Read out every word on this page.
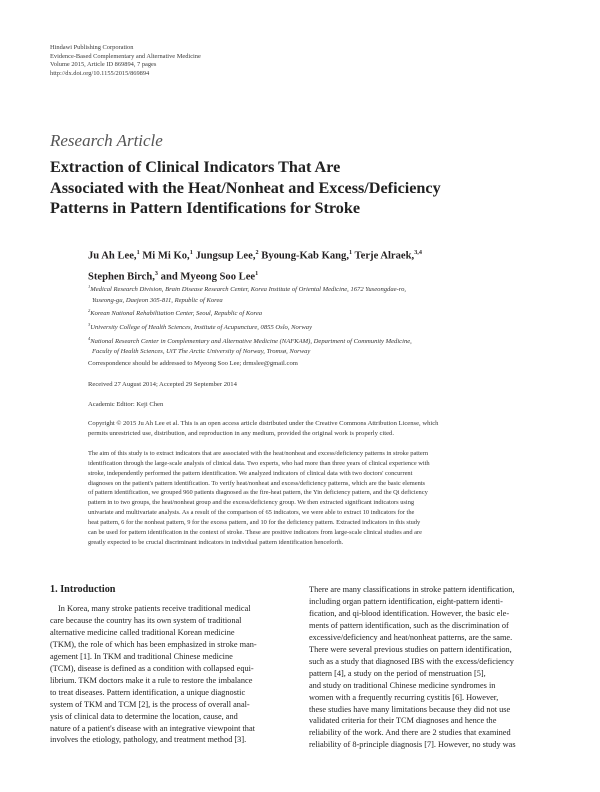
Hindawi Publishing Corporation
Evidence-Based Complementary and Alternative Medicine
Volume 2015, Article ID 869894, 7 pages
http://dx.doi.org/10.1155/2015/869894
Research Article
Extraction of Clinical Indicators That Are
Associated with the Heat/Nonheat and Excess/Deficiency
Patterns in Pattern Identifications for Stroke
Ju Ah Lee,$^1$ Mi Mi Ko,$^1$ Jungsup Lee,$^2$ Byoung-Kab Kang,$^1$ Terje Alraek,$^{3,4}$
Stephen Birch,$^3$ and Myeong Soo Lee$^1$
$^1$Medical Research Division, Brain Disease Research Center, Korea Institute of Oriental Medicine, 1672 Yuseongdae-ro,
Yuseong-gu, Daejeon 305-811, Republic of Korea
$^2$Korean National Rehabilitation Center, Seoul, Republic of Korea
$^3$University College of Health Sciences, Institute of Acupuncture, 0855 Oslo, Norway
$^4$National Research Center in Complementary and Alternative Medicine (NAFKAM), Department of Community Medicine,
Faculty of Health Sciences, UiT The Arctic University of Norway, Tromsø, Norway
Correspondence should be addressed to Myeong Soo Lee; drmslee@gmail.com
Received 27 August 2014; Accepted 29 September 2014
Academic Editor: Keji Chen
Copyright © 2015 Ju Ah Lee et al. This is an open access article distributed under the Creative Commons Attribution License, which
permits unrestricted use, distribution, and reproduction in any medium, provided the original work is properly cited.
The aim of this study is to extract indicators that are associated with the heat/nonheat and excess/deficiency patterns in stroke pattern
identification through the large-scale analysis of clinical data. Two experts, who had more than three years of clinical experience with
stroke, independently performed the pattern identification. We analyzed indicators of clinical data with two doctors' concurrent
diagnoses on the patient's pattern identification. To verify heat/nonheat and excess/deficiency patterns, which are the basic elements
of pattern identification, we grouped 960 patients diagnosed as the fire-heat pattern, the Yin deficiency pattern, and the Qi deficiency
pattern in to two groups, the heat/nonheat group and the excess/deficiency group. We then extracted significant indicators using
univariate and multivariate analysis. As a result of the comparison of 65 indicators, we were able to extract 10 indicators for the
heat pattern, 6 for the nonheat pattern, 9 for the excess pattern, and 10 for the deficiency pattern. Extracted indicators in this study
can be used for pattern identification in the context of stroke. These are positive indicators from large-scale clinical studies and are
greatly expected to be crucial discriminant indicators in individual pattern identification henceforth.
1. Introduction
In Korea, many stroke patients receive traditional medical
care because the country has its own system of traditional
alternative medicine called traditional Korean medicine
(TKM), the role of which has been emphasized in stroke man-
agement [1]. In TKM and traditional Chinese medicine
(TCM), disease is defined as a condition with collapsed equi-
librium. TKM doctors make it a rule to restore the imbalance
to treat diseases. Pattern identification, a unique diagnostic
system of TKM and TCM [2], is the process of overall anal-
ysis of clinical data to determine the location, cause, and
nature of a patient's disease with an integrative viewpoint that
involves the etiology, pathology, and treatment method [3].
There are many classifications in stroke pattern identification,
including organ pattern identification, eight-pattern identi-
fication, and qi-blood identification. However, the basic ele-
ments of pattern identification, such as the discrimination of
excessive/deficiency and heat/nonheat patterns, are the same.
There were several previous studies on pattern identification,
such as a study that diagnosed IBS with the excess/deficiency
pattern [4], a study on the period of menstruation [5],
and study on traditional Chinese medicine syndromes in
women with a frequently recurring cystitis [6]. However,
these studies have many limitations because they did not use
validated criteria for their TCM diagnoses and hence the
reliability of the work. And there are 2 studies that examined
reliability of 8-principle diagnosis [7]. However, no study was
